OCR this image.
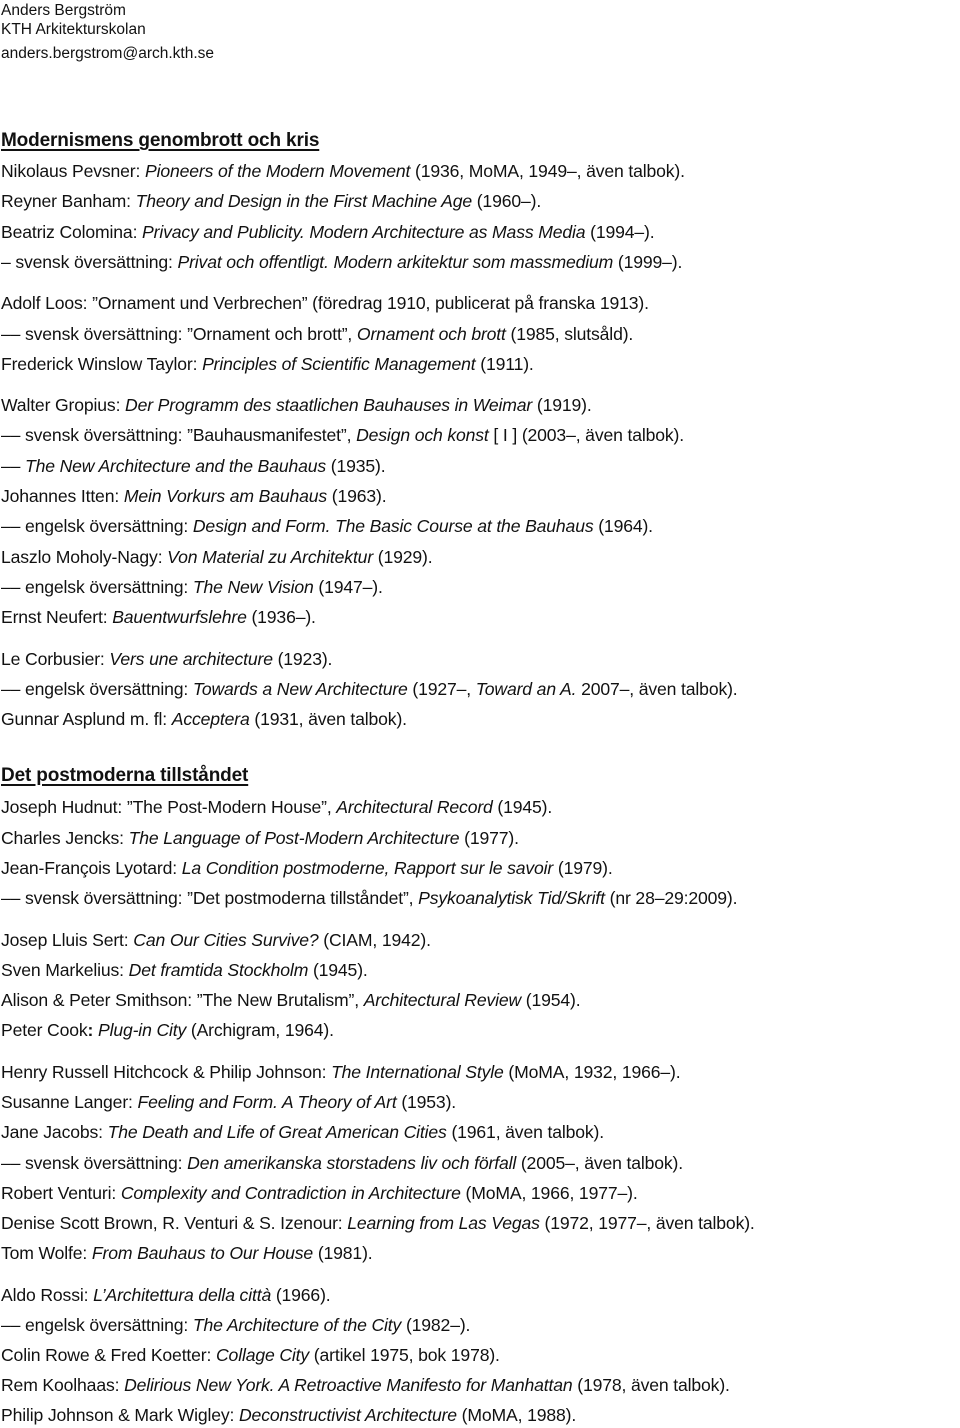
Anders Bergström
KTH Arkitekturskolan
anders.bergstrom@arch.kth.se
Modernismens genombrott och kris
Nikolaus Pevsner: Pioneers of the Modern Movement (1936, MoMA, 1949–, även talbok).
Reyner Banham: Theory and Design in the First Machine Age (1960–).
Beatriz Colomina: Privacy and Publicity. Modern Architecture as Mass Media (1994–).
– svensk översättning: Privat och offentligt. Modern arkitektur som massmedium (1999–).
Adolf Loos: ”Ornament und Verbrechen” (föredrag 1910, publicerat på franska 1913).
–– svensk översättning: ”Ornament och brott”, Ornament och brott (1985, slutsåld).
Frederick Winslow Taylor: Principles of Scientific Management (1911).
Walter Gropius: Der Programm des staatlichen Bauhauses in Weimar (1919).
–– svensk översättning: ”Bauhausmanifestet”, Design och konst [ I ] (2003–, även talbok).
–– The New Architecture and the Bauhaus (1935).
Johannes Itten: Mein Vorkurs am Bauhaus (1963).
–– engelsk översättning: Design and Form. The Basic Course at the Bauhaus (1964).
Laszlo Moholy-Nagy: Von Material zu Architektur (1929).
–– engelsk översättning: The New Vision (1947–).
Ernst Neufert: Bauentwurfslehre (1936–).
Le Corbusier: Vers une architecture (1923).
–– engelsk översättning: Towards a New Architecture (1927–, Toward an A. 2007–, även talbok).
Gunnar Asplund m. fl: Acceptera (1931, även talbok).
Det postmoderna tillståndet
Joseph Hudnut: ”The Post-Modern House”, Architectural Record (1945).
Charles Jencks: The Language of Post-Modern Architecture (1977).
Jean-François Lyotard: La Condition postmoderne, Rapport sur le savoir (1979).
–– svensk översättning: ”Det postmoderna tillståndet”, Psykoanalytisk Tid/Skrift (nr 28–29:2009).
Josep Lluis Sert: Can Our Cities Survive? (CIAM, 1942).
Sven Markelius: Det framtida Stockholm (1945).
Alison & Peter Smithson: ”The New Brutalism”, Architectural Review (1954).
Peter Cook: Plug-in City (Archigram, 1964).
Henry Russell Hitchcock & Philip Johnson: The International Style (MoMA, 1932, 1966–).
Susanne Langer: Feeling and Form. A Theory of Art (1953).
Jane Jacobs: The Death and Life of Great American Cities (1961, även talbok).
–– svensk översättning: Den amerikanska storstadens liv och förfall (2005–, även talbok).
Robert Venturi: Complexity and Contradiction in Architecture (MoMA, 1966, 1977–).
Denise Scott Brown, R. Venturi & S. Izenour: Learning from Las Vegas (1972, 1977–, även talbok).
Tom Wolfe: From Bauhaus to Our House (1981).
Aldo Rossi: L’Architettura della città (1966).
–– engelsk översättning: The Architecture of the City (1982–).
Colin Rowe & Fred Koetter: Collage City (artikel 1975, bok 1978).
Rem Koolhaas: Delirious New York. A Retroactive Manifesto for Manhattan (1978, även talbok).
Philip Johnson & Mark Wigley: Deconstructivist Architecture (MoMA, 1988).
